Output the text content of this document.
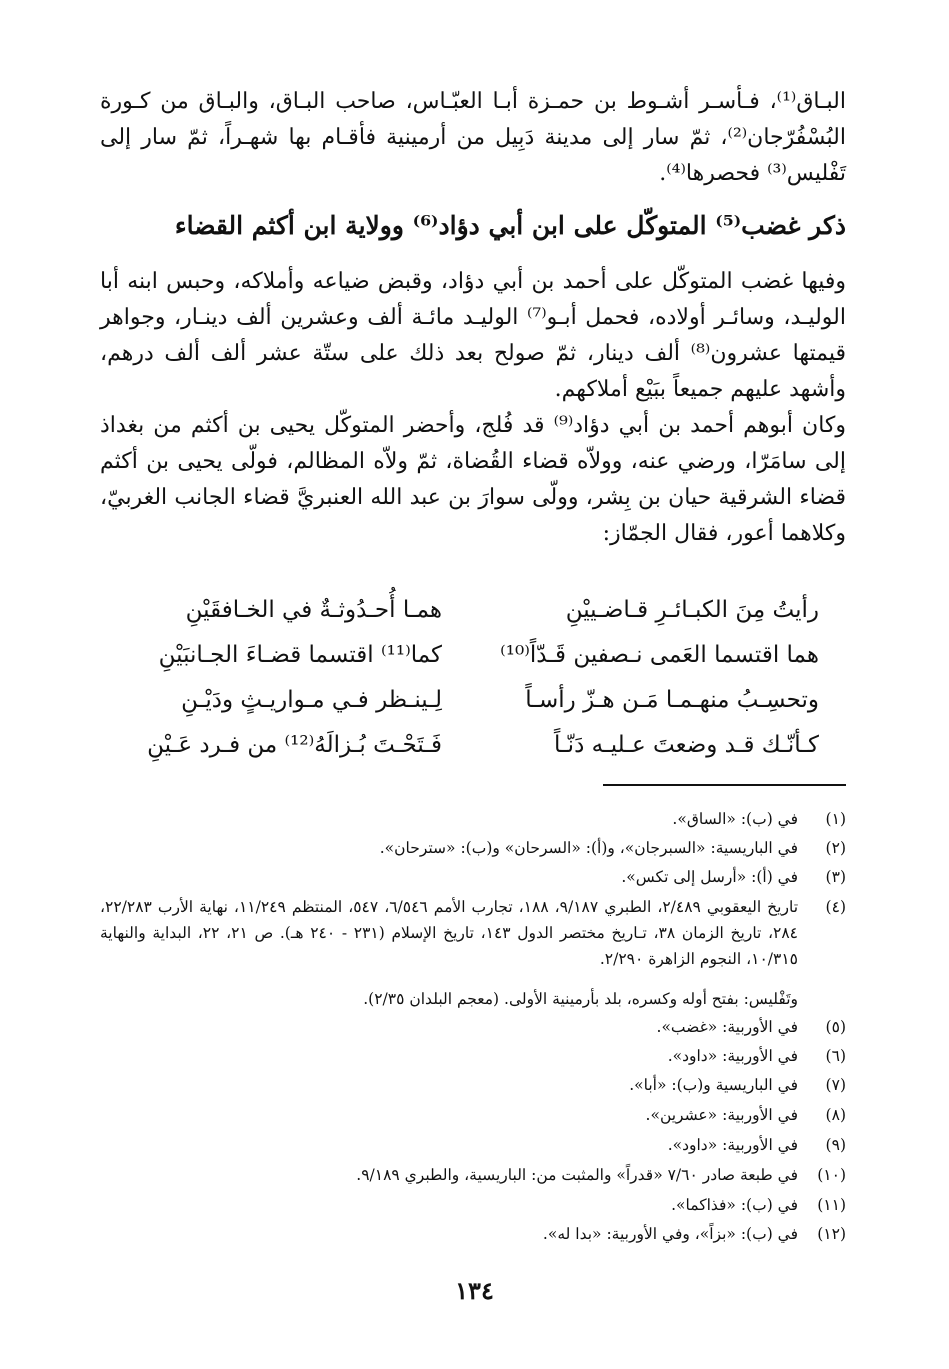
البـاق⁽¹⁾، فـأسـر أشـوط بن حمـزة أبـا العبّـاس، صاحب البـاق، والبـاق من كـورة البُسْفُرّجان⁽²⁾، ثمّ سار إلى مدينة دَبِيل من أرمينية فأقـام بها شهـراً، ثمّ سار إلى تَفْليس⁽³⁾ فحصرها⁽⁴⁾.
ذكر غضب⁽⁵⁾ المتوكّل على ابن أبي دؤاد⁽⁶⁾ وولاية ابن أكثم القضاء
وفيها غضب المتوكّل على أحمد بن أبي دؤاد، وقبض ضياعه وأملاكه، وحبس ابنه أبا الوليـد، وسائـر أولاده، فحمل أبـو⁽⁷⁾ الوليـد مائـة ألف وعشرين ألف دينـار، وجواهر قيمتها عشرون⁽⁸⁾ ألف دينار، ثمّ صولح بعد ذلك على ستّة عشر ألف ألف درهم، وأشهد عليهم جميعاً ببَيْع أملاكهم.
وكان أبوهم أحمد بن أبي دؤاد⁽⁹⁾ قد فُلج، وأحضر المتوكّل يحيى بن أكثم من بغداذ إلى سامَرّا، ورضي عنه، وولاّه قضاء القُضاة، ثمّ ولاّه المظالم، فولّى يحيى بن أكثم قضاء الشرقية حيان بن بِشر، وولّى سوارَ بن عبد الله العنبريَّ قضاء الجانب الغربيّ، وكلاهما أعور، فقال الجمّاز:
رأيتُ مِنَ الكبـائـرِ قـاضـييْنِ
همـا أُحـدُوثـةٌ في الخـافقَيْنِ
هما اقتسما العَمى نـصفين قَـدّاً⁽¹⁰⁾
كما⁽¹¹⁾ اقتسما قضـاءَ الجـانبَيْنِ
وتحسِـبُ منهـمـا مَـن هـزّ رأسـاً
لِـينـظر فـي مـواريـثٍ ودَيْـنِ
كـأنّـك قـد وضعتَ عـليـه دَنّـاً
فَـتَحْـتَ بُـزالَهُ⁽¹²⁾ من فـرد عَـيْنِ
(١)
في (ب): «الساق».
(٢)
في الباريسية: «السبرجان»، و(أ): «السرحان» و(ب): «سترحان».
(٣)
في (أ): «أرسل إلى تكس».
(٤)
تاريخ اليعقوبي ٢/٤٨٩، الطبري ٩/١٨٧، ١٨٨، تجارب الأمم ٦/٥٤٦، ٥٤٧، المنتظم ١١/٢٤٩، نهاية الأرب ٢٢/٢٨٣، ٢٨٤، تاريخ الزمان ٣٨، تـاريخ مختصر الدول ١٤٣، تاريخ الإسلام (٢٣١ - ٢٤٠ هـ). ص ٢١، ٢٢، البداية والنهاية ١٠/٣١٥، النجوم الزاهرة ٢/٢٩٠.
وتَفْليس: بفتح أوله وكسره، بلد بأرمينية الأولى. (معجم البلدان ٢/٣٥).
(٥)
في الأوربية: «غضب».
(٦)
في الأوربية: «داود».
(٧)
في الباريسية و(ب): «أبا».
(٨)
في الأوربية: «عشرين».
(٩)
في الأوربية: «داود».
(١٠)
في طبعة صادر ٧/٦٠ «قدراً» والمثبت من: الباريسية، والطبري ٩/١٨٩.
(١١)
في (ب): «فذاكما».
(١٢)
في (ب): «بزاً»، وفي الأوربية: «بدا له».
١٣٤
